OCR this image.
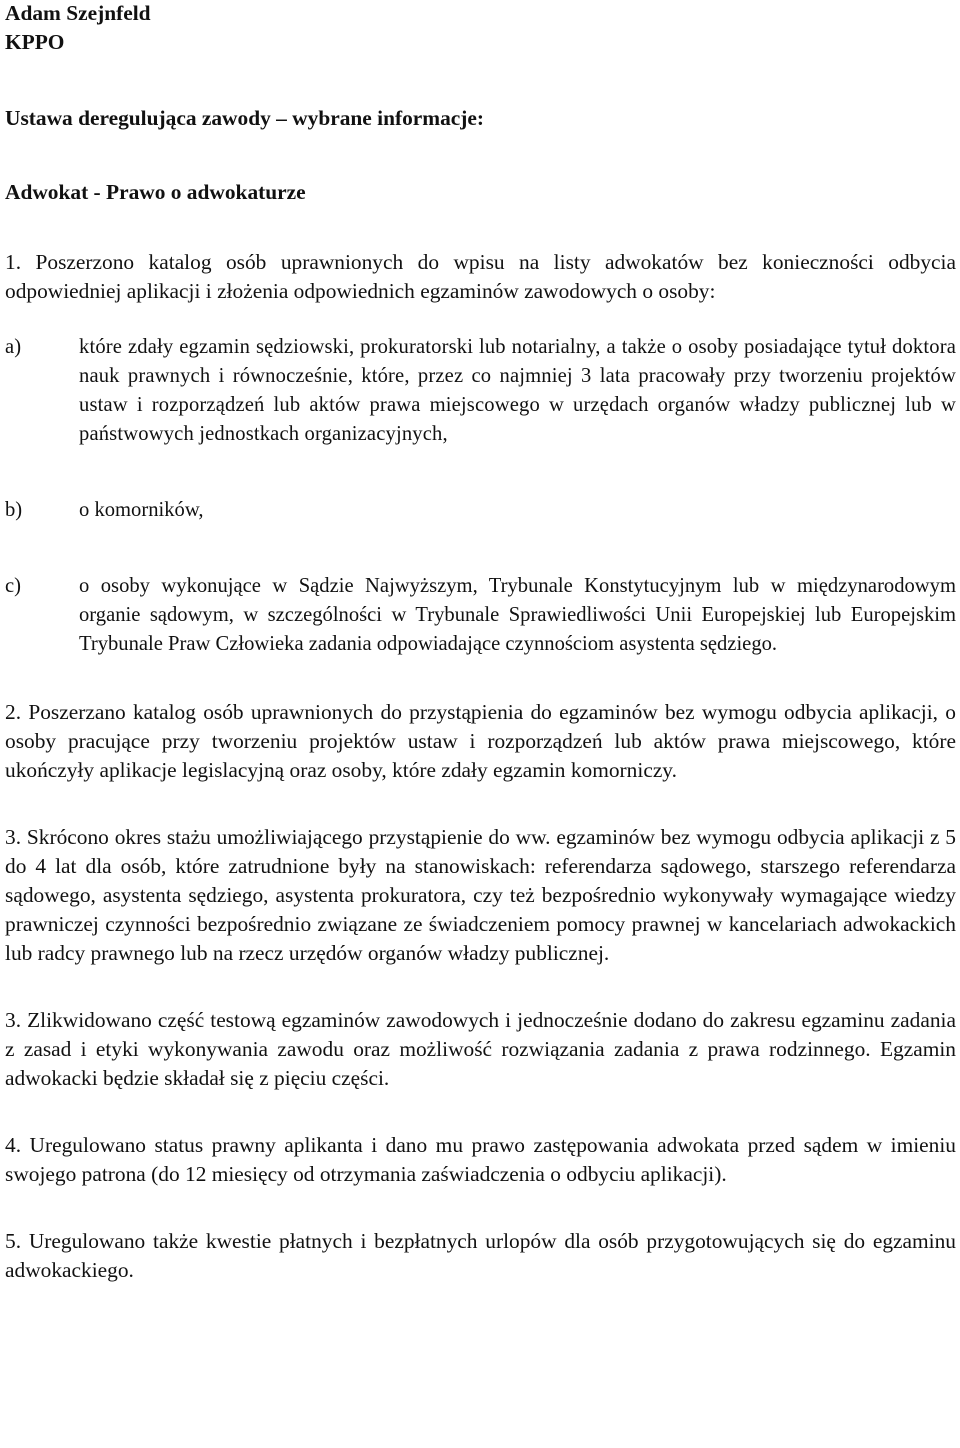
Adam Szejnfeld
KPPO
Ustawa deregulująca zawody – wybrane informacje:
Adwokat - Prawo o adwokaturze
1. Poszerzono katalog osób uprawnionych do wpisu na listy adwokatów bez konieczności odbycia odpowiedniej aplikacji i złożenia odpowiednich egzaminów zawodowych o osoby:
a)	które zdały egzamin sędziowski, prokuratorski lub notarialny, a także o osoby posiadające tytuł doktora nauk prawnych i równocześnie, które, przez co najmniej 3 lata pracowały przy tworzeniu projektów ustaw i rozporządzeń lub aktów prawa miejscowego w urzędach organów władzy publicznej lub w państwowych jednostkach organizacyjnych,
b)	o komorników,
c)	o osoby wykonujące w Sądzie Najwyższym, Trybunale Konstytucyjnym lub w międzynarodowym organie sądowym, w szczególności w Trybunale Sprawiedliwości Unii Europejskiej lub Europejskim Trybunale Praw Człowieka zadania odpowiadające czynnościom asystenta sędziego.
2. Poszerzano katalog osób uprawnionych do przystąpienia do egzaminów bez wymogu odbycia aplikacji, o osoby pracujące przy tworzeniu projektów ustaw i rozporządzeń lub aktów prawa miejscowego, które ukończyły aplikacje legislacyjną oraz osoby, które zdały egzamin komorniczy.
3. Skrócono okres stażu umożliwiającego przystąpienie do ww. egzaminów bez wymogu odbycia aplikacji z 5 do 4 lat dla osób, które zatrudnione były na stanowiskach: referendarza sądowego, starszego referendarza sądowego, asystenta sędziego, asystenta prokuratora, czy też bezpośrednio wykonywały wymagające wiedzy prawniczej czynności bezpośrednio związane ze świadczeniem pomocy prawnej w kancelariach adwokackich lub radcy prawnego lub na rzecz urzędów organów władzy publicznej.
3. Zlikwidowano część testową egzaminów zawodowych i jednocześnie dodano do zakresu egzaminu zadania z zasad i etyki wykonywania zawodu oraz możliwość rozwiązania zadania z prawa rodzinnego. Egzamin adwokacki będzie składał się z pięciu części.
4. Uregulowano status prawny aplikanta i dano mu prawo zastępowania adwokata przed sądem w imieniu swojego patrona (do 12 miesięcy od otrzymania zaświadczenia o odbyciu aplikacji).
5. Uregulowano także kwestie płatnych i bezpłatnych urlopów dla osób przygotowujących się do egzaminu adwokackiego.
